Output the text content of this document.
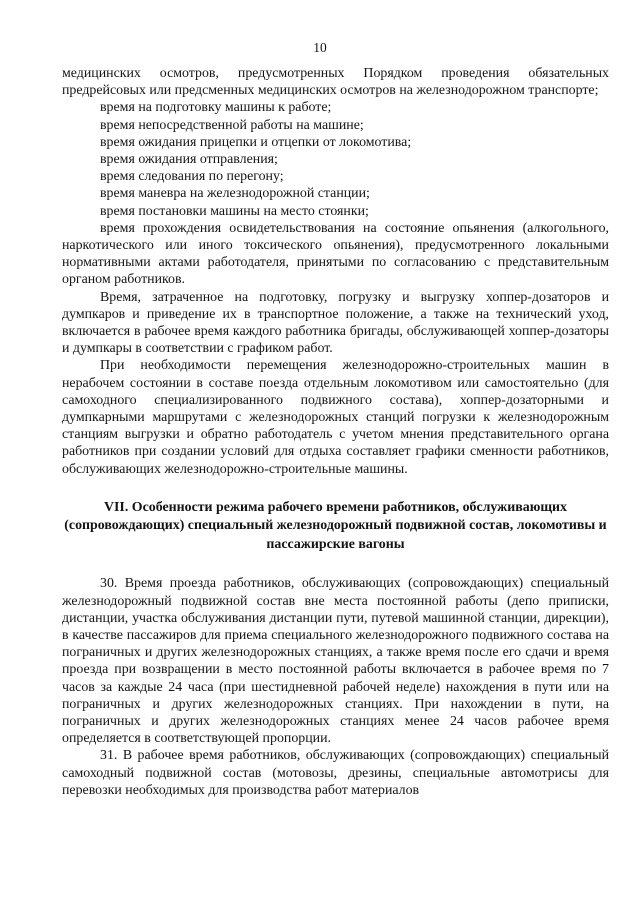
10

медицинских осмотров, предусмотренных Порядком проведения обязательных предрейсовых или предсменных медицинских осмотров на железнодорожном транспорте;

время на подготовку машины к работе;

время непосредственной работы на машине;

время ожидания прицепки и отцепки от локомотива;

время ожидания отправления;

время следования по перегону;

время маневра на железнодорожной станции;

время постановки машины на место стоянки;

время прохождения освидетельствования на состояние опьянения (алкогольного, наркотического или иного токсического опьянения), предусмотренного локальными нормативными актами работодателя, принятыми по согласованию с представительным органом работников.

Время, затраченное на подготовку, погрузку и выгрузку хоппер-дозаторов и думпкаров и приведение их в транспортное положение, а также на технический уход, включается в рабочее время каждого работника бригады, обслуживающей хоппер-дозаторы и думпкары в соответствии с графиком работ.

При необходимости перемещения железнодорожно-строительных машин в нерабочем состоянии в составе поезда отдельным локомотивом или самостоятельно (для самоходного специализированного подвижного состава), хоппер-дозаторными и думпкарными маршрутами с железнодорожных станций погрузки к железнодорожным станциям выгрузки и обратно работодатель с учетом мнения представительного органа работников при создании условий для отдыха составляет графики сменности работников, обслуживающих железнодорожно-строительные машины.

VII. Особенности режима рабочего времени работников, обслуживающих (сопровождающих) специальный железнодорожный подвижной состав, локомотивы и пассажирские вагоны

30. Время проезда работников, обслуживающих (сопровождающих) специальный железнодорожный подвижной состав вне места постоянной работы (депо приписки, дистанции, участка обслуживания дистанции пути, путевой машинной станции, дирекции), в качестве пассажиров для приема специального железнодорожного подвижного состава на пограничных и других железнодорожных станциях, а также время после его сдачи и время проезда при возвращении в место постоянной работы включается в рабочее время по 7 часов за каждые 24 часа (при шестидневной рабочей неделе) нахождения в пути или на пограничных и других железнодорожных станциях. При нахождении в пути, на пограничных и других железнодорожных станциях менее 24 часов рабочее время определяется в соответствующей пропорции.

31. В рабочее время работников, обслуживающих (сопровождающих) специальный самоходный подвижной состав (мотовозы, дрезины, специальные автомотрисы для перевозки необходимых для производства работ материалов
